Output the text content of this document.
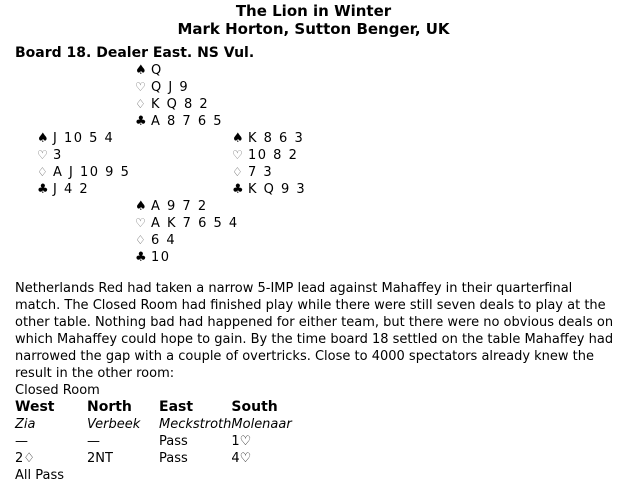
The Lion in Winter
Mark Horton, Sutton Benger, UK
Board 18. Dealer East. NS Vul.
♠ Q
♡ Q J 9
♢ K Q 8 2
♣ A 8 7 6 5
♠ J 10 5 4
♡ 3
♢ A J 10 9 5
♣ J 4 2
♠ K 8 6 3
♡ 10 8 2
♢ 7 3
♣ K Q 9 3
♠ A 9 7 2
♡ A K 7 6 5 4
♢ 6 4
♣ 10
Netherlands Red had taken a narrow 5-IMP lead against Mahaffey in their quarterfinal match. The Closed Room had finished play while there were still seven deals to play at the other table. Nothing bad had happened for either team, but there were no obvious deals on which Mahaffey could hope to gain. By the time board 18 settled on the table Mahaffey had narrowed the gap with a couple of overtricks. Close to 4000 spectators already knew the result in the other room:
Closed Room
West	North	East	South
Zia	Verbeek	Meckstroth	Molenaar
—	—	Pass	1♡
2♢	2NT	Pass	4♡
All Pass			
